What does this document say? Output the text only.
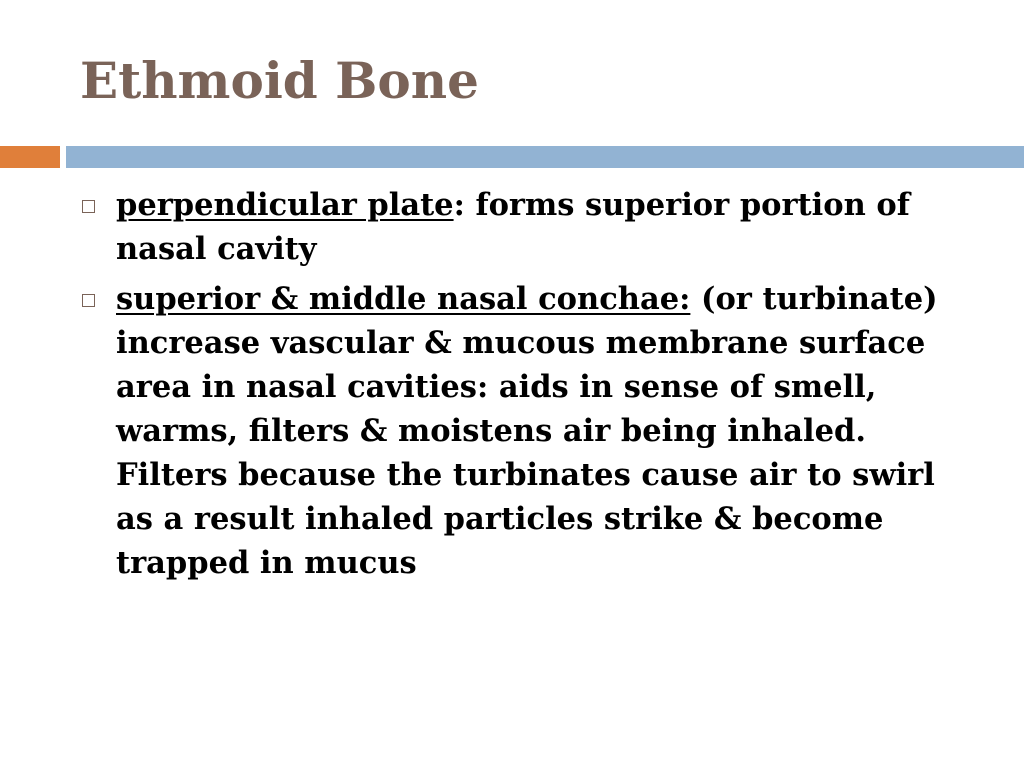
Ethmoid Bone
perpendicular plate: forms superior portion of nasal cavity
superior & middle nasal conchae: (or turbinate) increase vascular & mucous membrane surface area in nasal cavities: aids in sense of smell, warms, filters & moistens air being inhaled. Filters because the turbinates cause air to swirl as a result inhaled particles strike & become trapped in mucus
